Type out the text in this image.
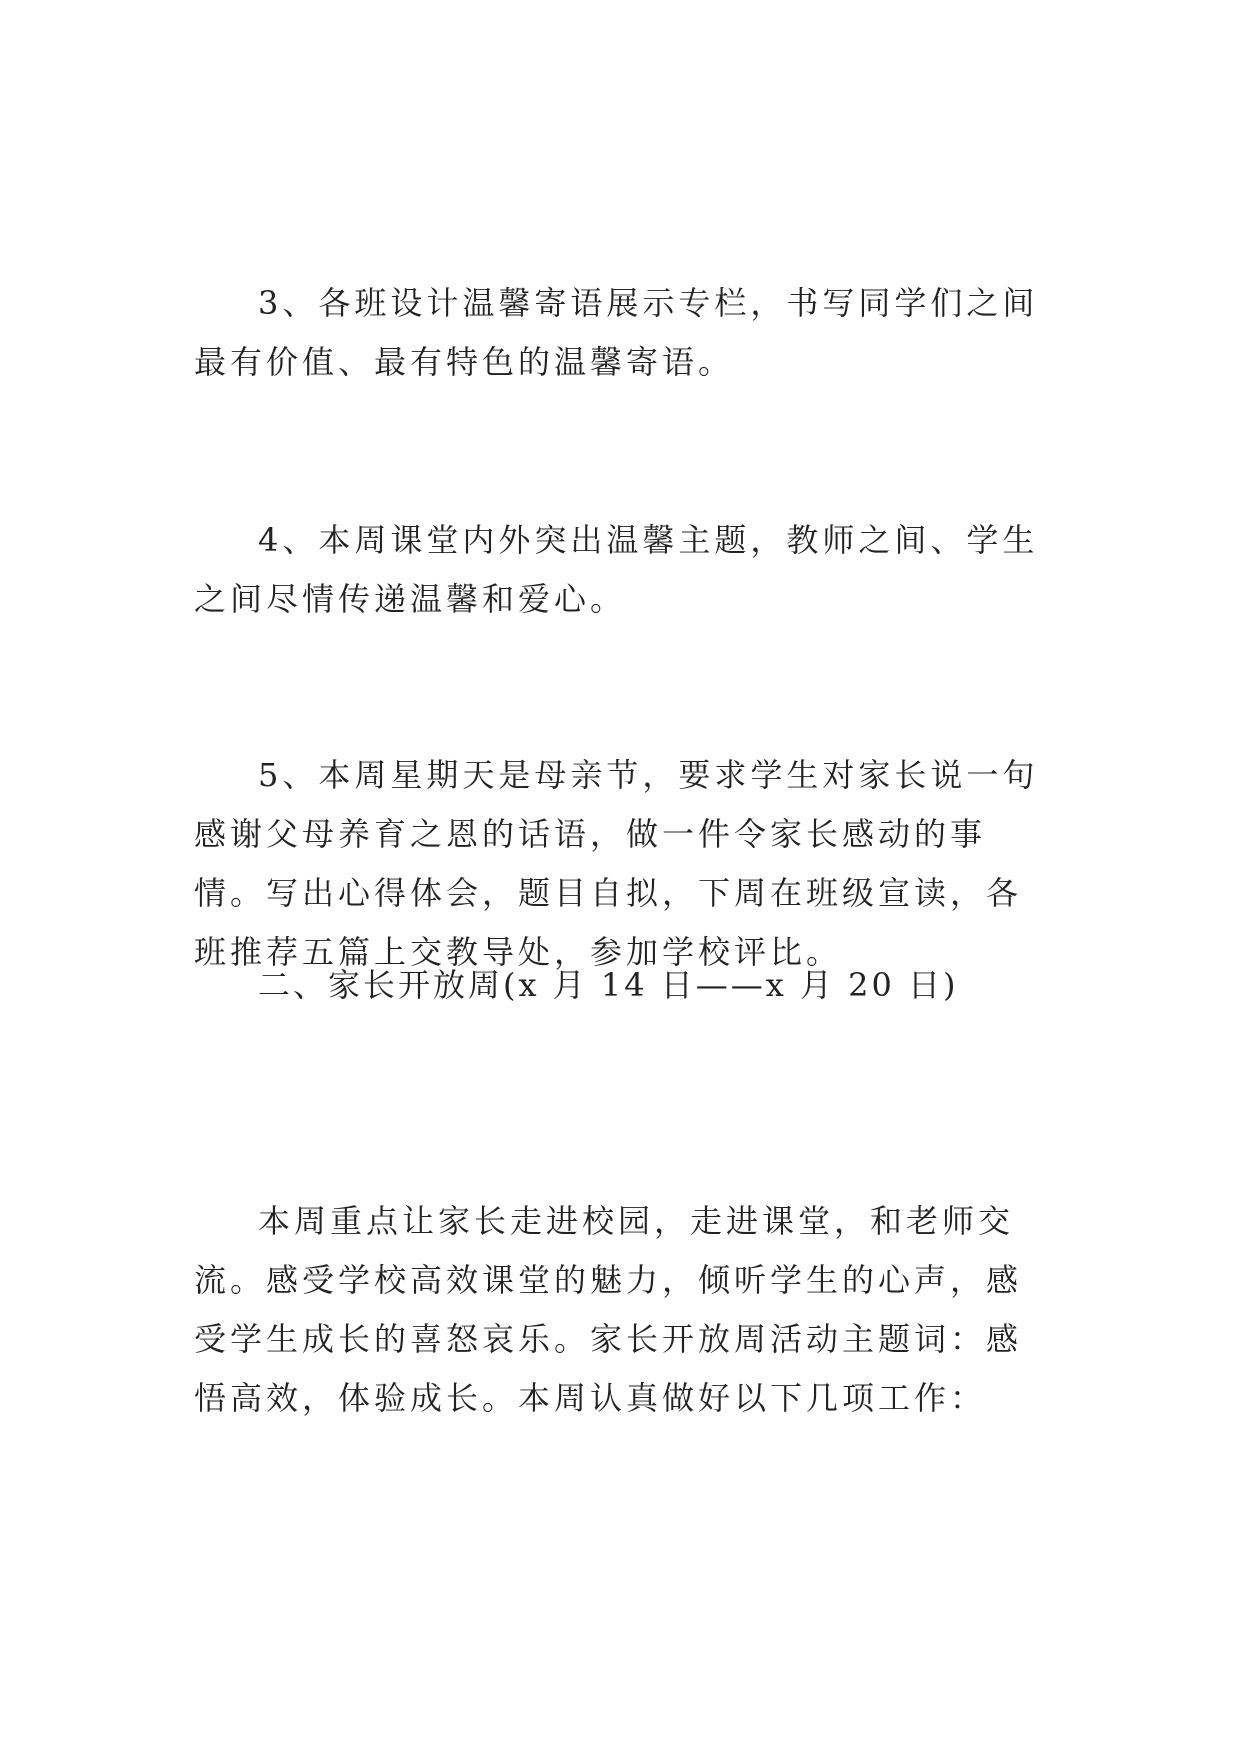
3、各班设计温馨寄语展示专栏，书写同学们之间最有价值、最有特色的温馨寄语。

4、本周课堂内外突出温馨主题，教师之间、学生之间尽情传递温馨和爱心。

5、本周星期天是母亲节，要求学生对家长说一句感谢父母养育之恩的话语，做一件令家长感动的事情。写出心得体会，题目自拟，下周在班级宣读，各班推荐五篇上交教导处，参加学校评比。

二、家长开放周(x 月 14 日——x 月 20 日)

本周重点让家长走进校园，走进课堂，和老师交流。感受学校高效课堂的魅力，倾听学生的心声，感受学生成长的喜怒哀乐。家长开放周活动主题词：感悟高效，体验成长。本周认真做好以下几项工作：
